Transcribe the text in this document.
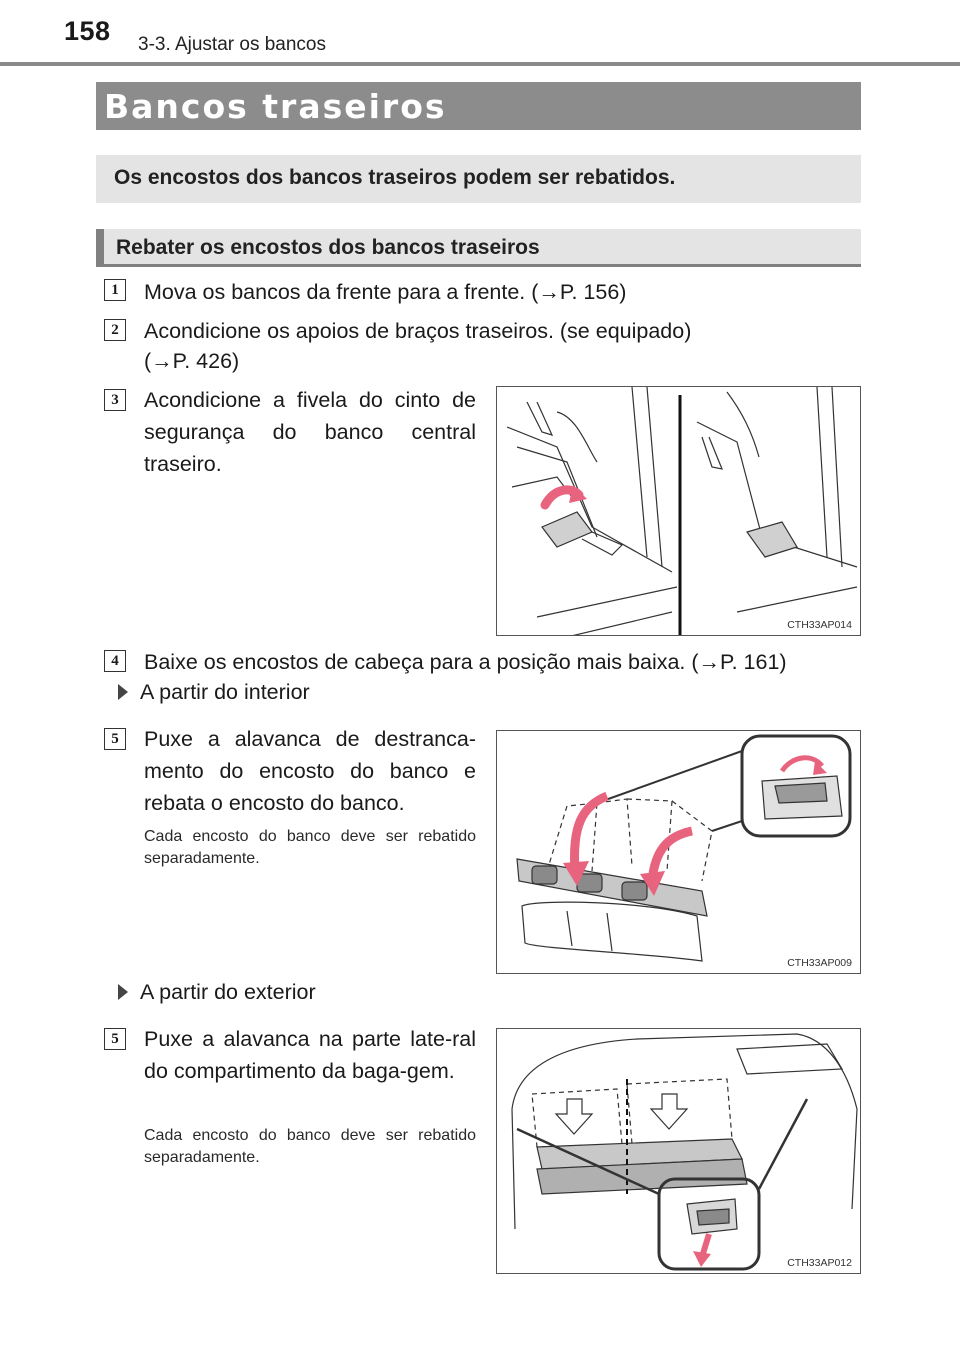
158 3-3. Ajustar os bancos
Bancos traseiros
Os encostos dos bancos traseiros podem ser rebatidos.
Rebater os encostos dos bancos traseiros
1	Mova os bancos da frente para a frente. (→P. 156)
2	Acondicione os apoios de braços traseiros. (se equipado)
(→P. 426)
3	Acondicione a fivela do cinto de segurança do banco central traseiro.
CTH33AP014
4	Baixe os encostos de cabeça para a posição mais baixa. (→P. 161)
A partir do interior
5	Puxe a alavanca de destranca-mento do encosto do banco e rebata o encosto do banco.
Cada encosto do banco deve ser rebatido separadamente.
CTH33AP009
A partir do exterior
5	Puxe a alavanca na parte late-ral do compartimento da baga-gem.
Cada encosto do banco deve ser rebatido separadamente.
CTH33AP012
